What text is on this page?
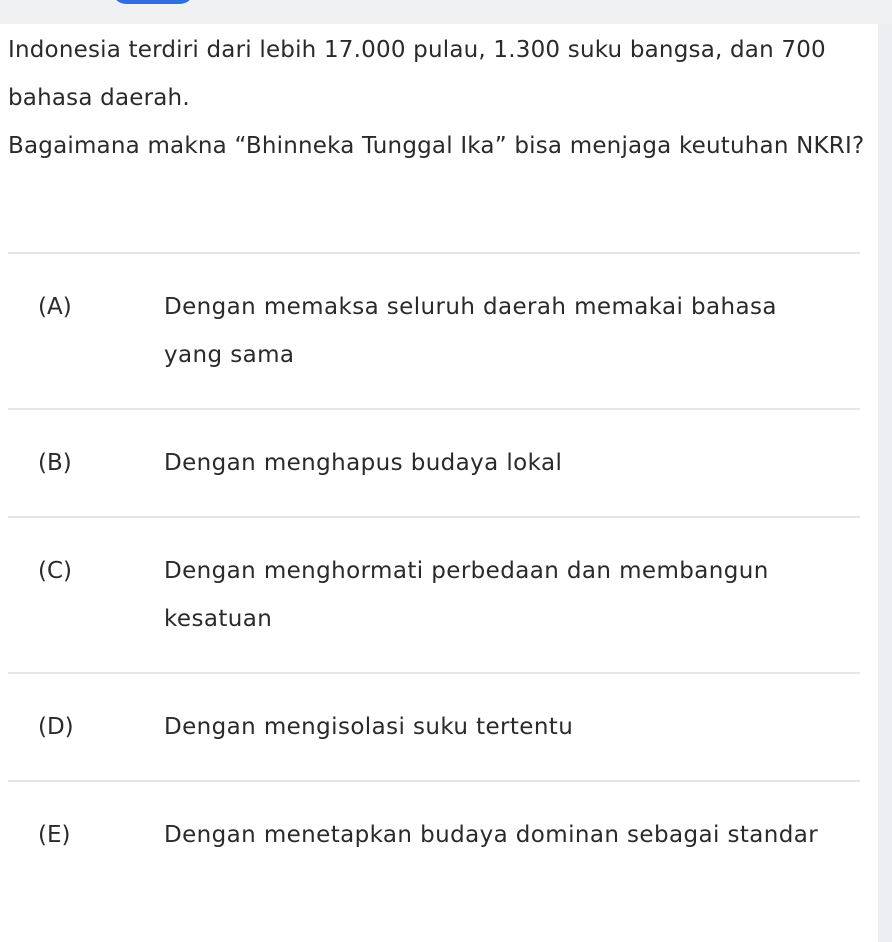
Indonesia terdiri dari lebih 17.000 pulau, 1.300 suku bangsa, dan 700 bahasa daerah.

Bagaimana makna “Bhinneka Tunggal Ika” bisa menjaga keutuhan NKRI?

(A)	Dengan memaksa seluruh daerah memakai bahasa yang sama
(B)	Dengan menghapus budaya lokal
(C)	Dengan menghormati perbedaan dan membangun kesatuan
(D)	Dengan mengisolasi suku tertentu
(E)	Dengan menetapkan budaya dominan sebagai standar
